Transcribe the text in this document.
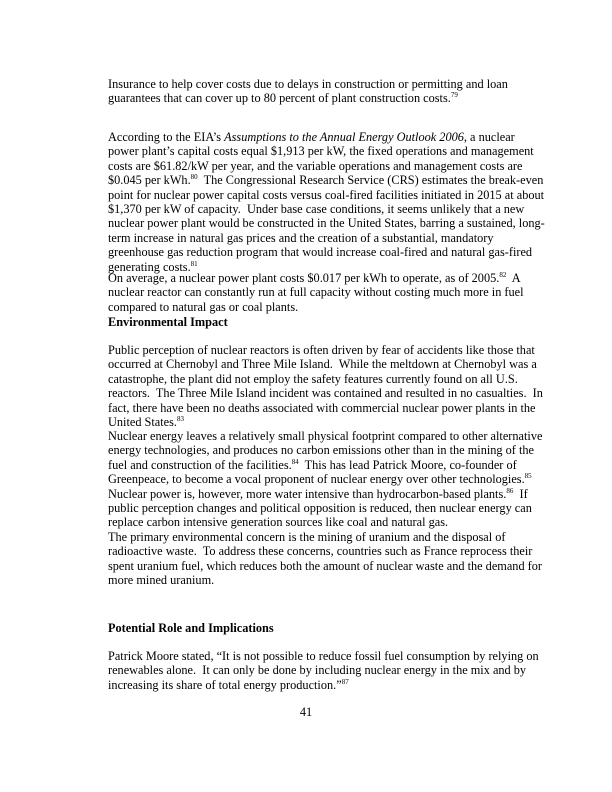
Insurance to help cover costs due to delays in construction or permitting and loan
guarantees that can cover up to 80 percent of plant construction costs.$^{79}$
According to the EIA’s Assumptions to the Annual Energy Outlook 2006, a nuclear
power plant’s capital costs equal $1,913 per kW, the fixed operations and management
costs are $61.82/kW per year, and the variable operations and management costs are
$0.045 per kWh.$^{80}$  The Congressional Research Service (CRS) estimates the break-even
point for nuclear power capital costs versus coal-fired facilities initiated in 2015 at about
$1,370 per kW of capacity.  Under base case conditions, it seems unlikely that a new
nuclear power plant would be constructed in the United States, barring a sustained, long-
term increase in natural gas prices and the creation of a substantial, mandatory
greenhouse gas reduction program that would increase coal-fired and natural gas-fired
generating costs.$^{81}$
On average, a nuclear power plant costs $0.017 per kWh to operate, as of 2005.82  A
nuclear reactor can constantly run at full capacity without costing much more in fuel
compared to natural gas or coal plants.
Environmental Impact
Public perception of nuclear reactors is often driven by fear of accidents like those that
occurred at Chernobyl and Three Mile Island.  While the meltdown at Chernobyl was a
catastrophe, the plant did not employ the safety features currently found on all U.S.
reactors.  The Three Mile Island incident was contained and resulted in no casualties.  In
fact, there have been no deaths associated with commercial nuclear power plants in the
United States.$^{83}$
Nuclear energy leaves a relatively small physical footprint compared to other alternative
energy technologies, and produces no carbon emissions other than in the mining of the
fuel and construction of the facilities.$^{84}$  This has lead Patrick Moore, co-founder of
Greenpeace, to become a vocal proponent of nuclear energy over other technologies.$^{85}$
Nuclear power is, however, more water intensive than hydrocarbon-based plants.$^{86}$  If
public perception changes and political opposition is reduced, then nuclear energy can
replace carbon intensive generation sources like coal and natural gas.
The primary environmental concern is the mining of uranium and the disposal of
radioactive waste.  To address these concerns, countries such as France reprocess their
spent uranium fuel, which reduces both the amount of nuclear waste and the demand for
more mined uranium.
Potential Role and Implications
Patrick Moore stated, “It is not possible to reduce fossil fuel consumption by relying on
renewables alone.  It can only be done by including nuclear energy in the mix and by
increasing its share of total energy production.”$^{87}$
41
